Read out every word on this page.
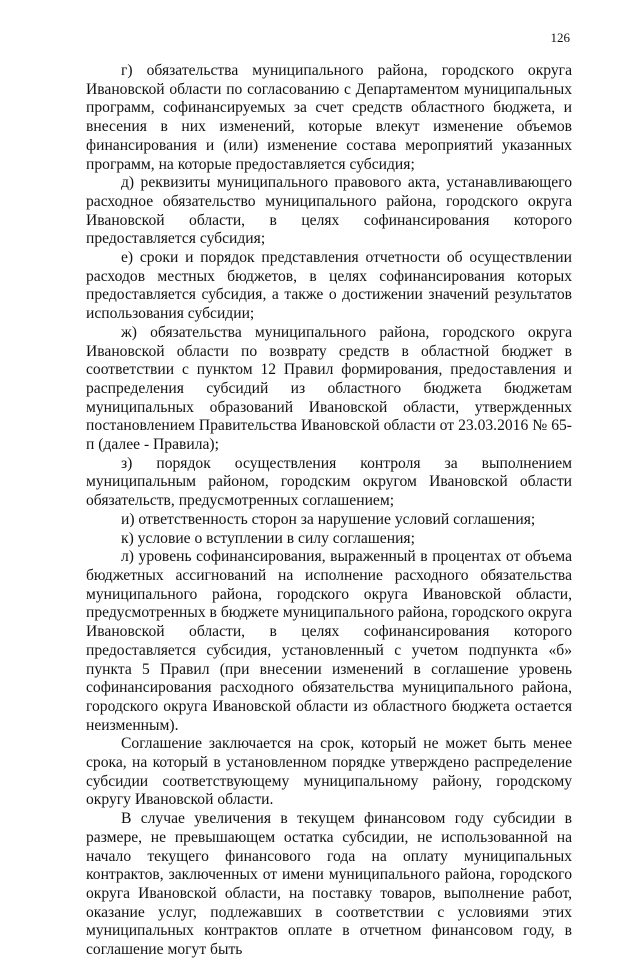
126

г) обязательства муниципального района, городского округа Ивановской области по согласованию с Департаментом муниципальных программ, софинансируемых за счет средств областного бюджета, и внесения в них изменений, которые влекут изменение объемов финансирования и (или) изменение состава мероприятий указанных программ, на которые предоставляется субсидия;

д) реквизиты муниципального правового акта, устанавливающего расходное обязательство муниципального района, городского округа Ивановской области, в целях софинансирования которого предоставляется субсидия;

е) сроки и порядок представления отчетности об осуществлении расходов местных бюджетов, в целях софинансирования которых предоставляется субсидия, а также о достижении значений результатов использования субсидии;

ж) обязательства муниципального района, городского округа Ивановской области по возврату средств в областной бюджет в соответствии с пунктом 12 Правил формирования, предоставления и распределения субсидий из областного бюджета бюджетам муниципальных образований Ивановской области, утвержденных постановлением Правительства Ивановской области от 23.03.2016 № 65-п (далее - Правила);

з) порядок осуществления контроля за выполнением муниципальным районом, городским округом Ивановской области обязательств, предусмотренных соглашением;

и) ответственность сторон за нарушение условий соглашения;

к) условие о вступлении в силу соглашения;

л) уровень софинансирования, выраженный в процентах от объема бюджетных ассигнований на исполнение расходного обязательства муниципального района, городского округа Ивановской области, предусмотренных в бюджете муниципального района, городского округа Ивановской области, в целях софинансирования которого предоставляется субсидия, установленный с учетом подпункта «б» пункта 5 Правил (при внесении изменений в соглашение уровень софинансирования расходного обязательства муниципального района, городского округа Ивановской области из областного бюджета остается неизменным).

Соглашение заключается на срок, который не может быть менее срока, на который в установленном порядке утверждено распределение субсидии соответствующему муниципальному району, городскому округу Ивановской области.

В случае увеличения в текущем финансовом году субсидии в размере, не превышающем остатка субсидии, не использованной на начало текущего финансового года на оплату муниципальных контрактов, заключенных от имени муниципального района, городского округа Ивановской области, на поставку товаров, выполнение работ, оказание услуг, подлежавших в соответствии с условиями этих муниципальных контрактов оплате в отчетном финансовом году, в соглашение могут быть
